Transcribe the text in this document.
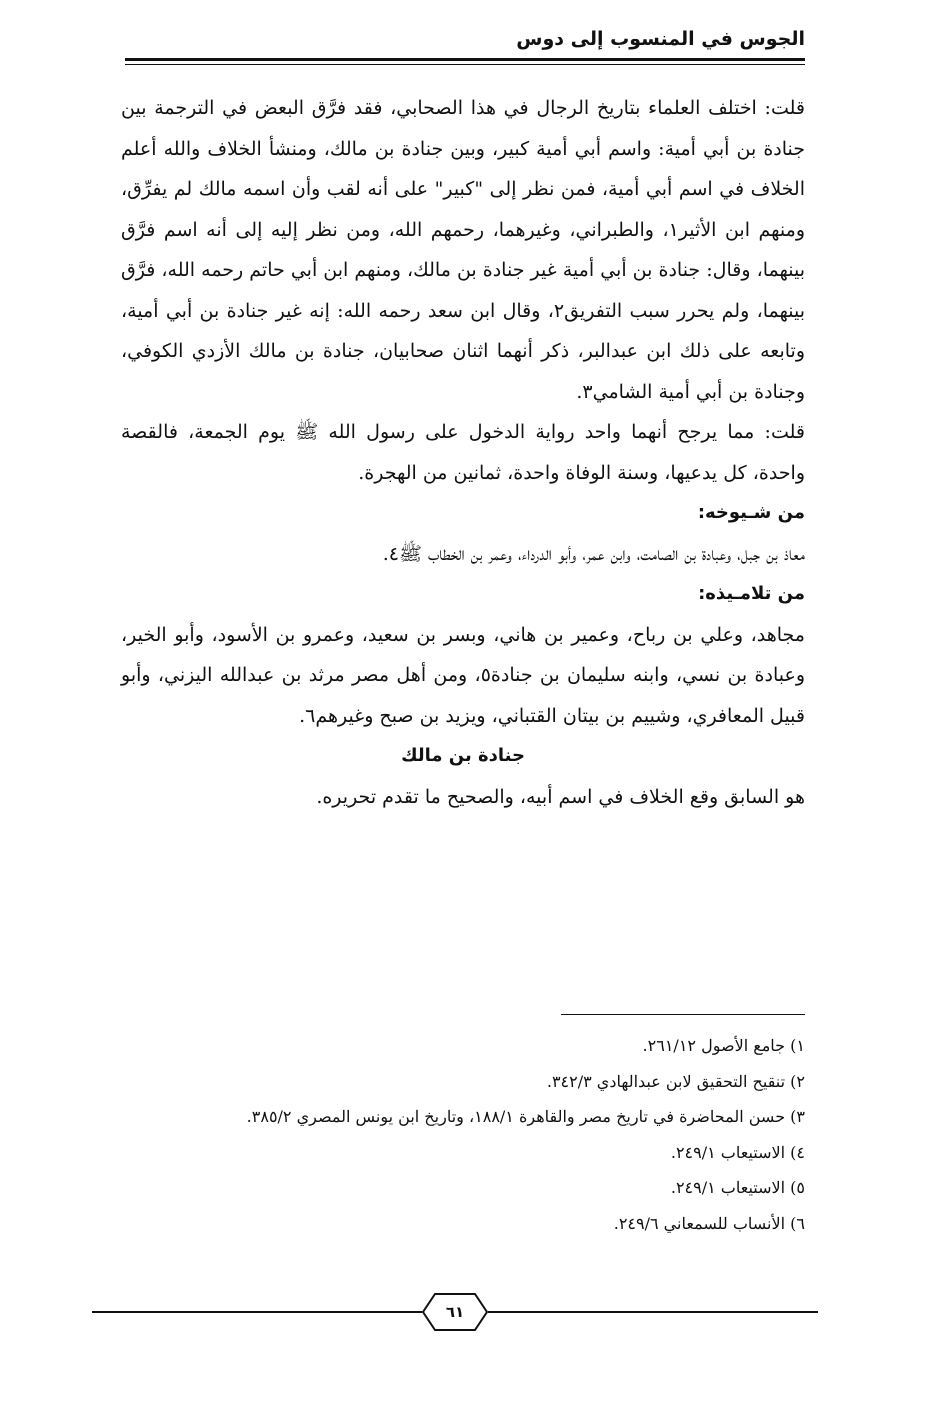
الجوس في المنسوب إلى دوس

قلت: اختلف العلماء بتاريخ الرجال في هذا الصحابي، فقد فرَّق البعض في الترجمة بين جنادة بن أبي أمية: واسم أبي أمية كبير، وبين جنادة بن مالك، ومنشأ الخلاف والله أعلم الخلاف في اسم أبي أمية، فمن نظر إلى "كبير" على أنه لقب وأن اسمه مالك لم يفرِّق، ومنهم ابن الأثير١، والطبراني، وغيرهما، رحمهم الله، ومن نظر إليه إلى أنه اسم فرَّق بينهما، وقال: جنادة بن أبي أمية غير جنادة بن مالك، ومنهم ابن أبي حاتم رحمه الله، فرَّق بينهما، ولم يحرر سبب التفريق٢، وقال ابن سعد رحمه الله: إنه غير جنادة بن أبي أمية، وتابعه على ذلك ابن عبدالبر، ذكر أنهما اثنان صحابيان، جنادة بن مالك الأزدي الكوفي، وجنادة بن أبي أمية الشامي٣.

قلت: مما يرجح أنهما واحد رواية الدخول على رسول الله ﷺ يوم الجمعة، فالقصة واحدة، كل يدعيها، وسنة الوفاة واحدة، ثمانين من الهجرة.

من شـيوخه:

معاذ بن جبل، وعبادة بن الصامت، وابن عمر، وأبو الدرداء، وعمر بن الخطاب ﷺ٤.

من تلامـيذه:

مجاهد، وعلي بن رباح، وعمير بن هاني، وبسر بن سعيد، وعمرو بن الأسود، وأبو الخير، وعبادة بن نسي، وابنه سليمان بن جنادة٥، ومن أهل مصر مرثد بن عبدالله اليزني، وأبو قبيل المعافري، وشييم بن بيتان القتباني، ويزيد بن صبح وغيرهم٦.

جنادة بن مالك

هو السابق وقع الخلاف في اسم أبيه، والصحيح ما تقدم تحريره.

١) جامع الأصول ٢٦١/١٢.
٢) تنقيح التحقيق لابن عبدالهادي ٣٤٢/٣.
٣) حسن المحاضرة في تاريخ مصر والقاهرة ١٨٨/١، وتاريخ ابن يونس المصري ٣٨٥/٢.
٤) الاستيعاب ٢٤٩/١.
٥) الاستيعاب ٢٤٩/١.
٦) الأنساب للسمعاني ٢٤٩/٦.
٦١
